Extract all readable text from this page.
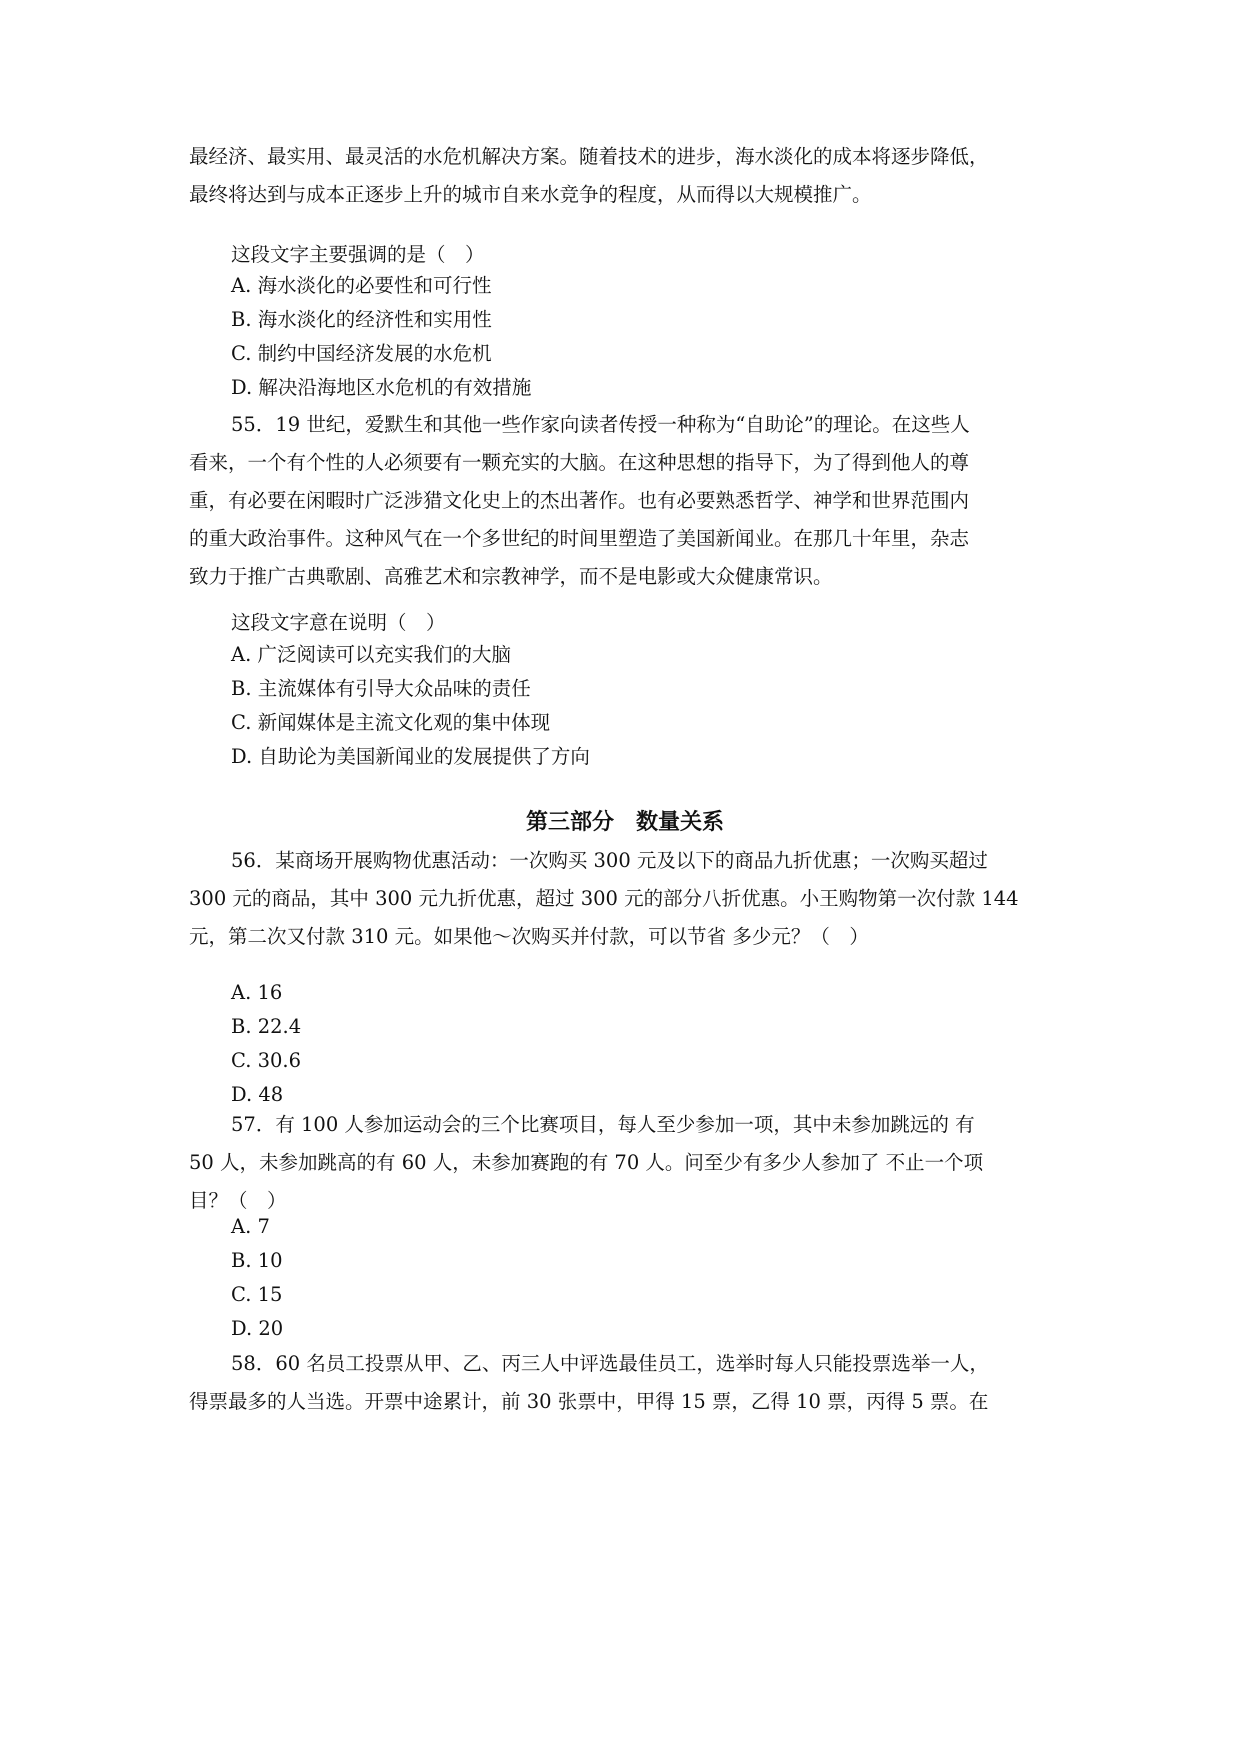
最经济、最实用、最灵活的水危机解决方案。随着技术的进步，海水淡化的成本将逐步降低，
最终将达到与成本正逐步上升的城市自来水竞争的程度，从而得以大规模推广。
这段文字主要强调的是（　）
A. 海水淡化的必要性和可行性
B. 海水淡化的经济性和实用性
C. 制约中国经济发展的水危机
D. 解决沿海地区水危机的有效措施
55．19 世纪，爱默生和其他一些作家向读者传授一种称为“自助论”的理论。在这些人
看来，一个有个性的人必须要有一颗充实的大脑。在这种思想的指导下，为了得到他人的尊
重，有必要在闲暇时广泛涉猎文化史上的杰出著作。也有必要熟悉哲学、神学和世界范围内
的重大政治事件。这种风气在一个多世纪的时间里塑造了美国新闻业。在那几十年里，杂志
致力于推广古典歌剧、高雅艺术和宗教神学，而不是电影或大众健康常识。
这段文字意在说明（　）
A. 广泛阅读可以充实我们的大脑
B. 主流媒体有引导大众品味的责任
C. 新闻媒体是主流文化观的集中体现
D. 自助论为美国新闻业的发展提供了方向
第三部分　数量关系
56．某商场开展购物优惠活动：一次购买 300 元及以下的商品九折优惠；一次购买超过
300 元的商品，其中 300 元九折优惠，超过 300 元的部分八折优惠。小王购物第一次付款 144
元，第二次又付款 310 元。如果他～次购买并付款，可以节省 多少元？（　）
A. 16
B. 22.4
C. 30.6
D. 48
57．有 100 人参加运动会的三个比赛项目，每人至少参加一项，其中未参加跳远的 有
50 人，未参加跳高的有 60 人，未参加赛跑的有 70 人。问至少有多少人参加了 不止一个项
目？（　）
A. 7
B. 10
C. 15
D. 20
58．60 名员工投票从甲、乙、丙三人中评选最佳员工，选举时每人只能投票选举一人，
得票最多的人当选。开票中途累计，前 30 张票中，甲得 15 票，乙得 10 票，丙得 5 票。在
